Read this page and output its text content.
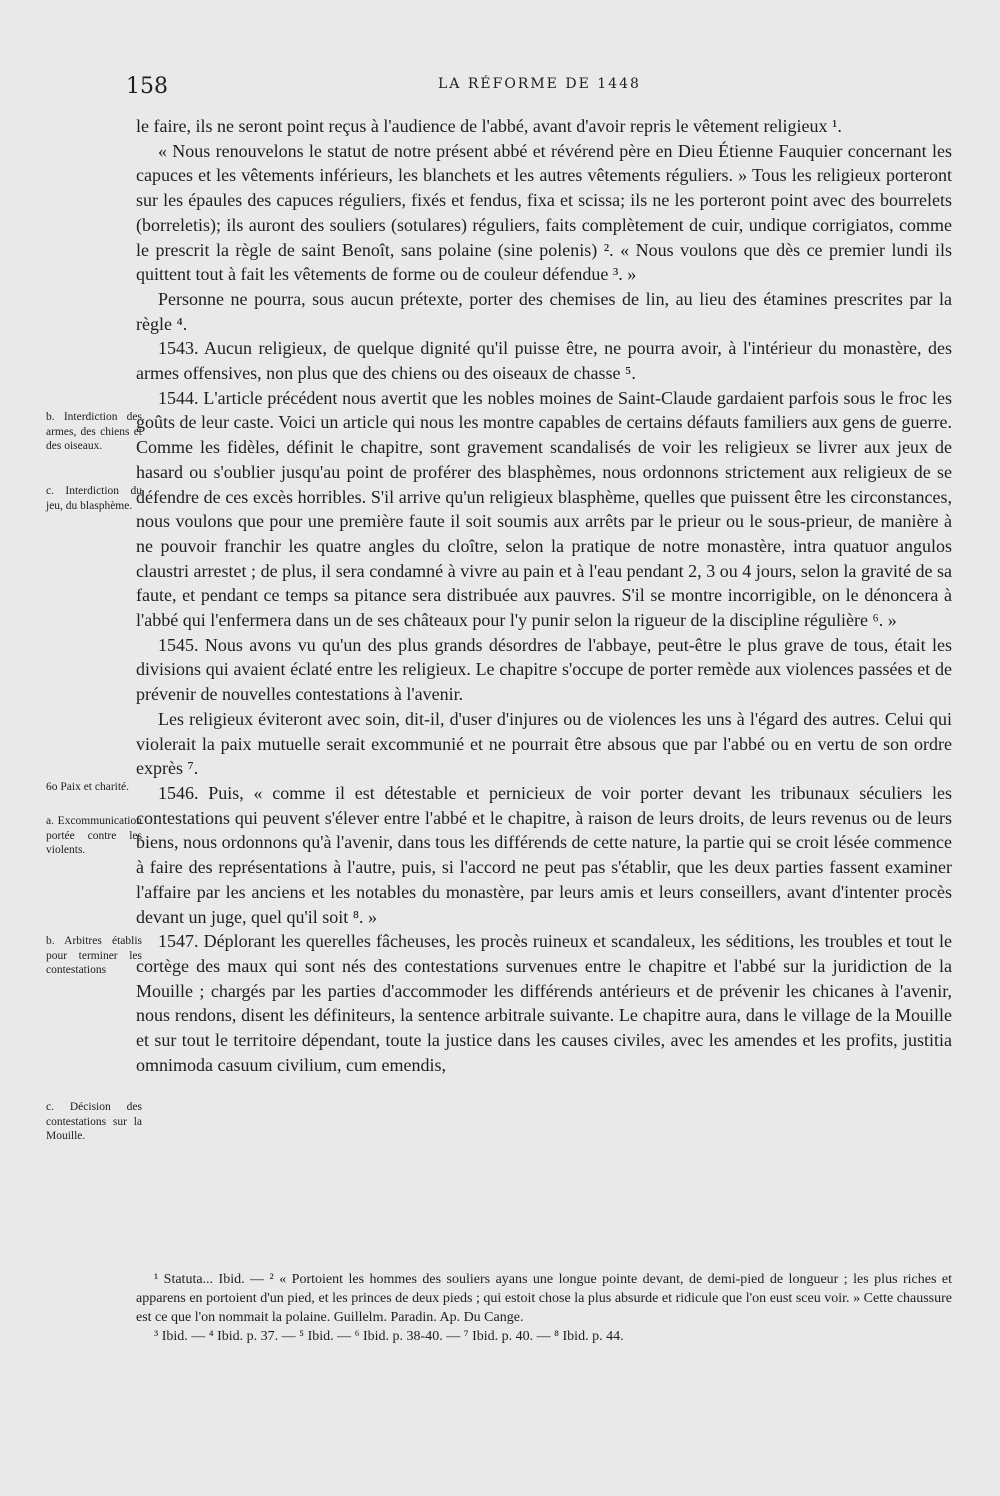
158	LA RÉFORME DE 1448

le faire, ils ne seront point reçus à l'audience de l'abbé, avant d'avoir repris le vêtement religieux ¹.

« Nous renouvelons le statut de notre présent abbé et révérend père en Dieu Étienne Fauquier concernant les capuces et les vêtements inférieurs, les blanchets et les autres vêtements réguliers. » Tous les religieux porteront sur les épaules des capuces réguliers, fixés et fendus, fixa et scissa; ils ne les porteront point avec des bourrelets (borreletis); ils auront des souliers (sotulares) réguliers, faits complètement de cuir, undique corrigiatos, comme le prescrit la règle de saint Benoît, sans polaine (sine polenis) ². « Nous voulons que dès ce premier lundi ils quittent tout à fait les vêtements de forme ou de couleur défendue ³. »

Personne ne pourra, sous aucun prétexte, porter des chemises de lin, au lieu des étamines prescrites par la règle ⁴.

1543. Aucun religieux, de quelque dignité qu'il puisse être, ne pourra avoir, à l'intérieur du monastère, des armes offensives, non plus que des chiens ou des oiseaux de chasse ⁵.

1544. L'article précédent nous avertit que les nobles moines de Saint-Claude gardaient parfois sous le froc les goûts de leur caste. Voici un article qui nous les montre capables de certains défauts familiers aux gens de guerre. Comme les fidèles, définit le chapitre, sont gravement scandalisés de voir les religieux se livrer aux jeux de hasard ou s'oublier jusqu'au point de proférer des blasphèmes, nous ordonnons strictement aux religieux de se défendre de ces excès horribles. S'il arrive qu'un religieux blasphème, quelles que puissent être les circonstances, nous voulons que pour une première faute il soit soumis aux arrêts par le prieur ou le sous-prieur, de manière à ne pouvoir franchir les quatre angles du cloître, selon la pratique de notre monastère, intra quatuor angulos claustri arrestet ; de plus, il sera condamné à vivre au pain et à l'eau pendant 2, 3 ou 4 jours, selon la gravité de sa faute, et pendant ce temps sa pitance sera distribuée aux pauvres. S'il se montre incorrigible, on le dénoncera à l'abbé qui l'enfermera dans un de ses châteaux pour l'y punir selon la rigueur de la discipline régulière ⁶. »

1545. Nous avons vu qu'un des plus grands désordres de l'abbaye, peut-être le plus grave de tous, était les divisions qui avaient éclaté entre les religieux. Le chapitre s'occupe de porter remède aux violences passées et de prévenir de nouvelles contestations à l'avenir.

Les religieux éviteront avec soin, dit-il, d'user d'injures ou de violences les uns à l'égard des autres. Celui qui violerait la paix mutuelle serait excommunié et ne pourrait être absous que par l'abbé ou en vertu de son ordre exprès ⁷.

1546. Puis, « comme il est détestable et pernicieux de voir porter devant les tribunaux séculiers les contestations qui peuvent s'élever entre l'abbé et le chapitre, à raison de leurs droits, de leurs revenus ou de leurs biens, nous ordonnons qu'à l'avenir, dans tous les différends de cette nature, la partie qui se croit lésée commence à faire des représentations à l'autre, puis, si l'accord ne peut pas s'établir, que les deux parties fassent examiner l'affaire par les anciens et les notables du monastère, par leurs amis et leurs conseillers, avant d'intenter procès devant un juge, quel qu'il soit ⁸. »

1547. Déplorant les querelles fâcheuses, les procès ruineux et scandaleux, les séditions, les troubles et tout le cortège des maux qui sont nés des contestations survenues entre le chapitre et l'abbé sur la juridiction de la Mouille ; chargés par les parties d'accommoder les différends antérieurs et de prévenir les chicanes à l'avenir, nous rendons, disent les définiteurs, la sentence arbitrale suivante. Le chapitre aura, dans le village de la Mouille et sur tout le territoire dépendant, toute la justice dans les causes civiles, avec les amendes et les profits, justitia omnimoda casuum civilium, cum emendis,

b. Interdiction des armes, des chiens et des oiseaux.
c. Interdiction du jeu, du blasphème.
6o Paix et charité.
a. Excommunication portée contre les violents.
b. Arbitres établis pour terminer les contestations
c. Décision des contestations sur la Mouille.

¹ Statuta... Ibid. — ² « Portoient les hommes des souliers ayans une longue pointe devant, de demi-pied de longueur ; les plus riches et apparens en portoient d'un pied, et les princes de deux pieds ; qui estoit chose la plus absurde et ridicule que l'on eust sceu voir. » Cette chaussure est ce que l'on nommait la polaine. Guillelm. Paradin. Ap. Du Cange.

³ Ibid. — ⁴ Ibid. p. 37. — ⁵ Ibid. — ⁶ Ibid. p. 38-40. — ⁷ Ibid. p. 40. — ⁸ Ibid. p. 44.
